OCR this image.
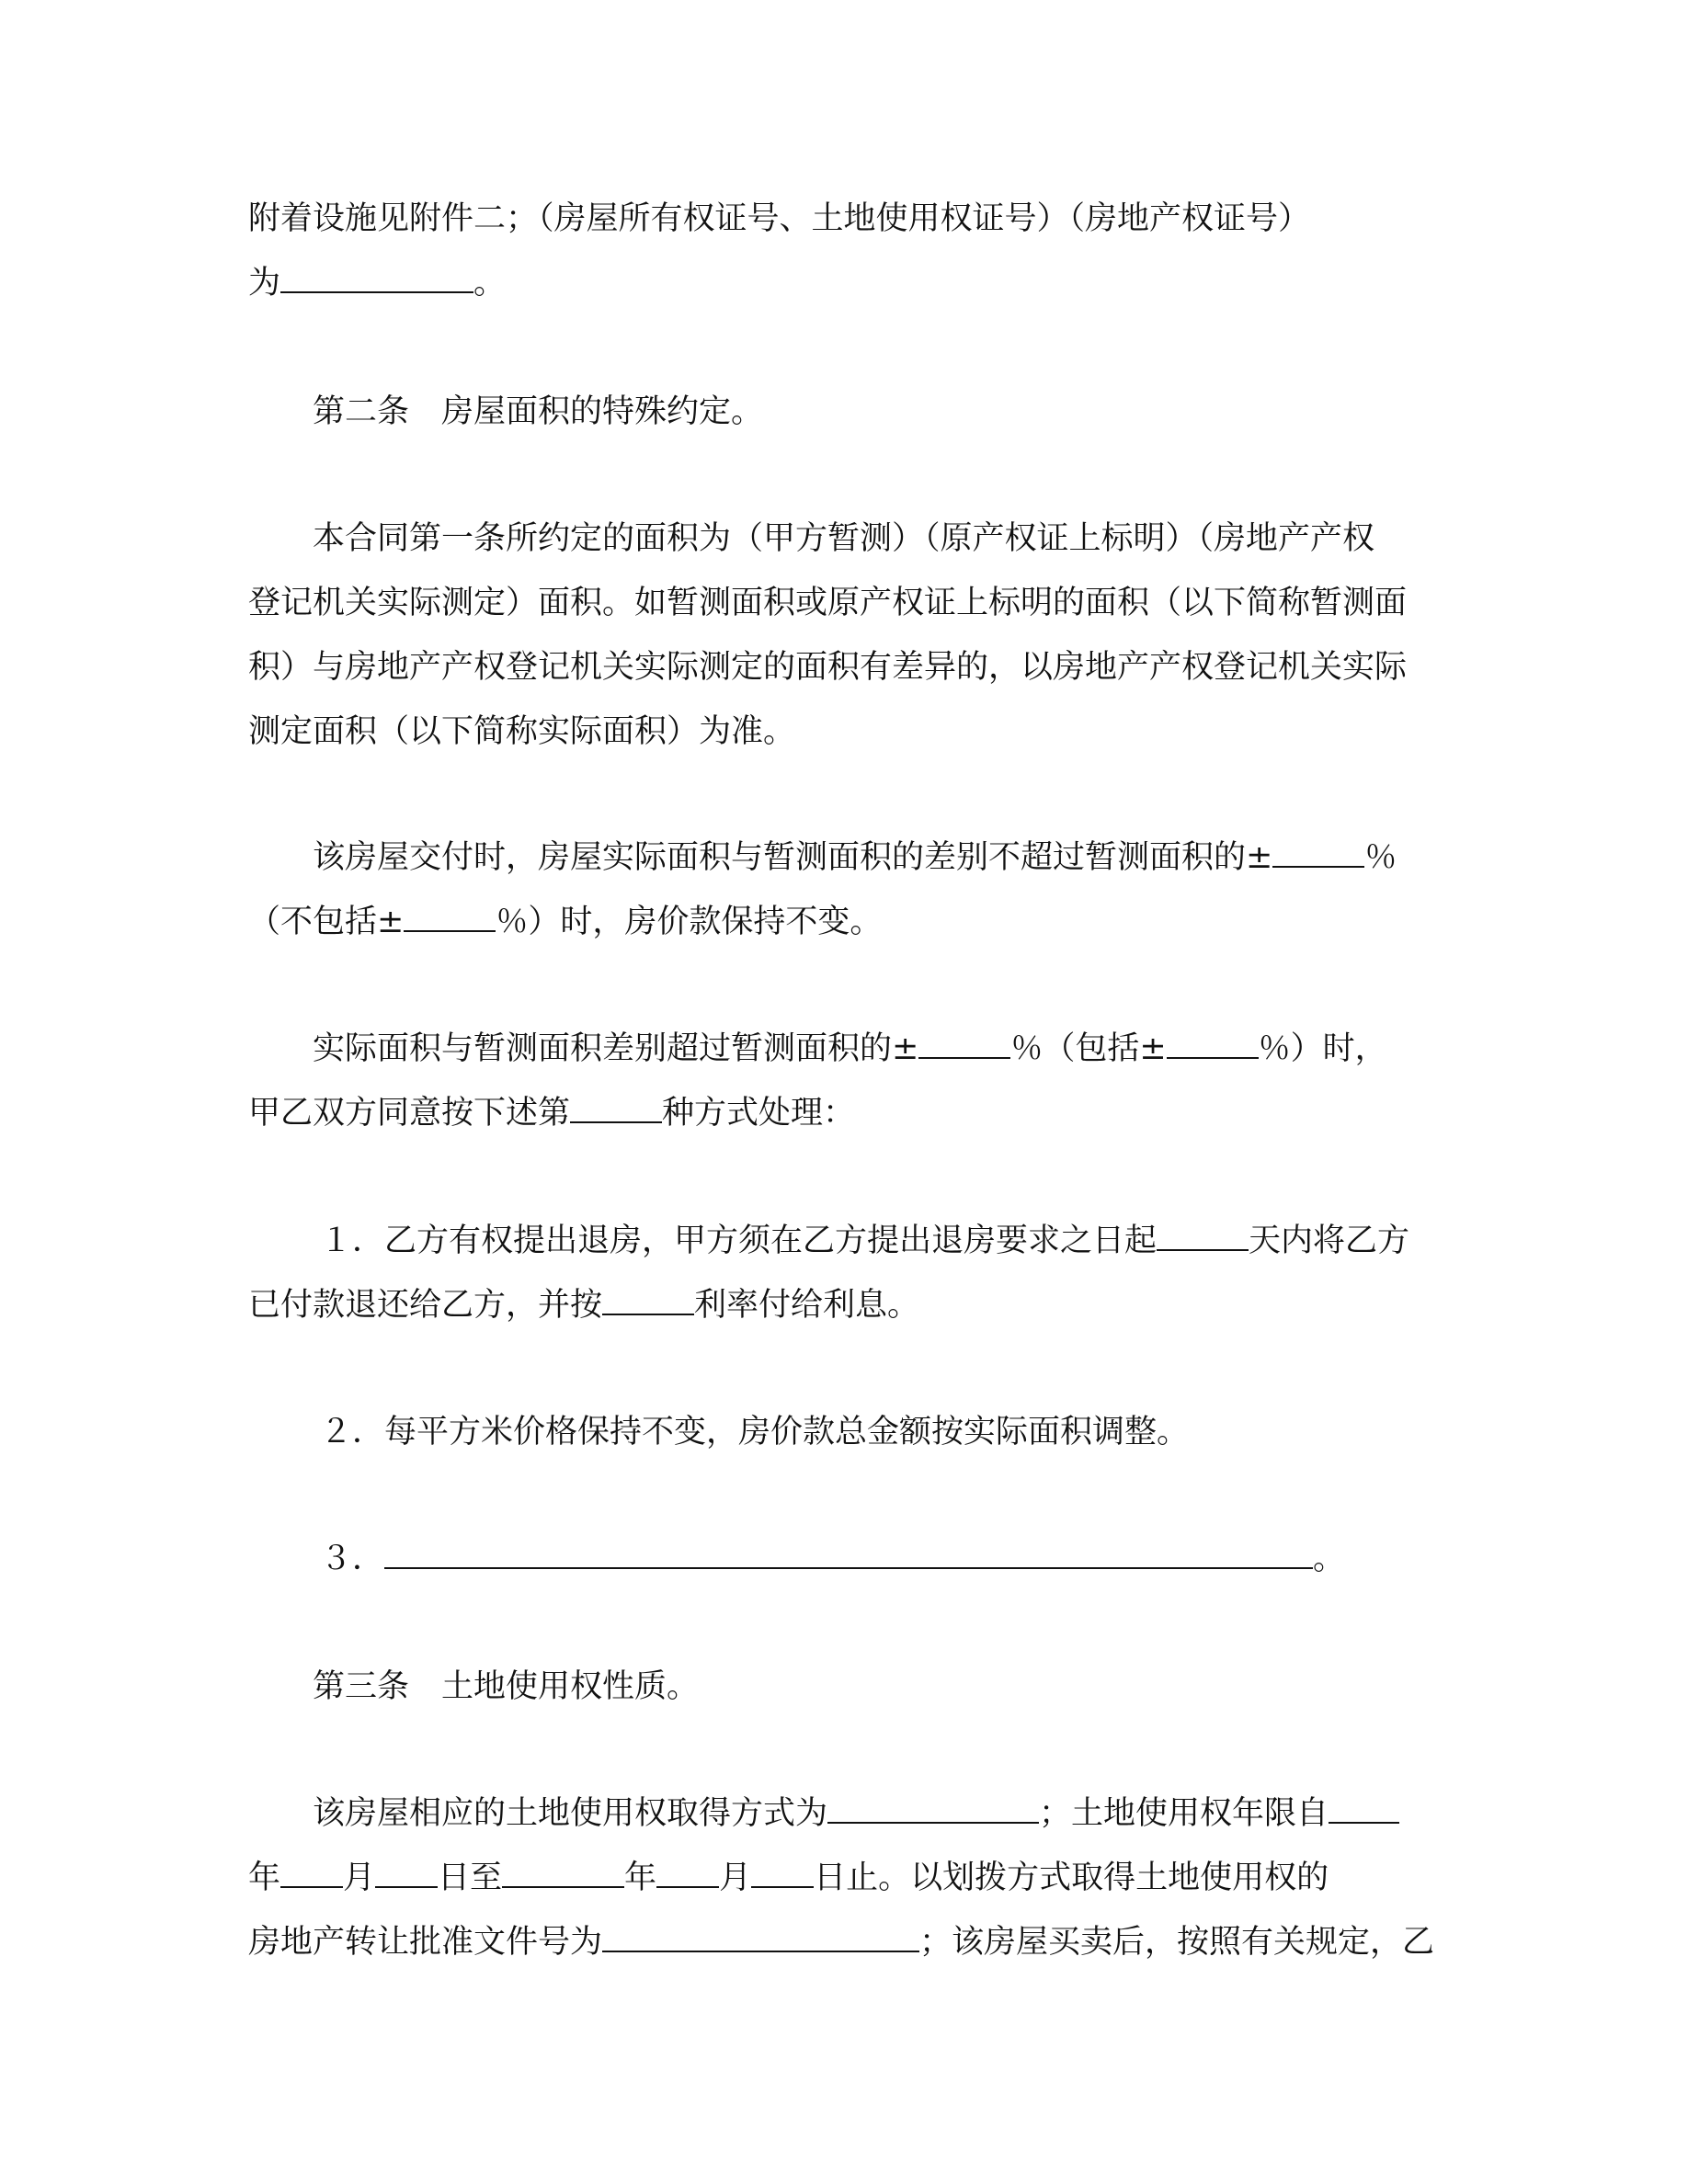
附着设施见附件二；（房屋所有权证号、土地使用权证号）（房地产权证号）
为	。
第二条　房屋面积的特殊约定。
本合同第一条所约定的面积为（甲方暂测）（原产权证上标明）（房地产产权
登记机关实际测定）面积。如暂测面积或原产权证上标明的面积（以下简称暂测面
积）与房地产产权登记机关实际测定的面积有差异的，以房地产产权登记机关实际
测定面积（以下简称实际面积）为准。
该房屋交付时，房屋实际面积与暂测面积的差别不超过暂测面积的±	％
（不包括±	％）时，房价款保持不变。
实际面积与暂测面积差别超过暂测面积的±	％（包括±	％）时，
甲乙双方同意按下述第	种方式处理：
１．乙方有权提出退房，甲方须在乙方提出退房要求之日起	天内将乙方
已付款退还给乙方，并按	利率付给利息。
２．每平方米价格保持不变，房价款总金额按实际面积调整。
３．	。
第三条　土地使用权性质。
该房屋相应的土地使用权取得方式为	；土地使用权年限自
年 月 日至	年 月 日止。以划拨方式取得土地使用权的
房地产转让批准文件号为	；该房屋买卖后，按照有关规定，乙
